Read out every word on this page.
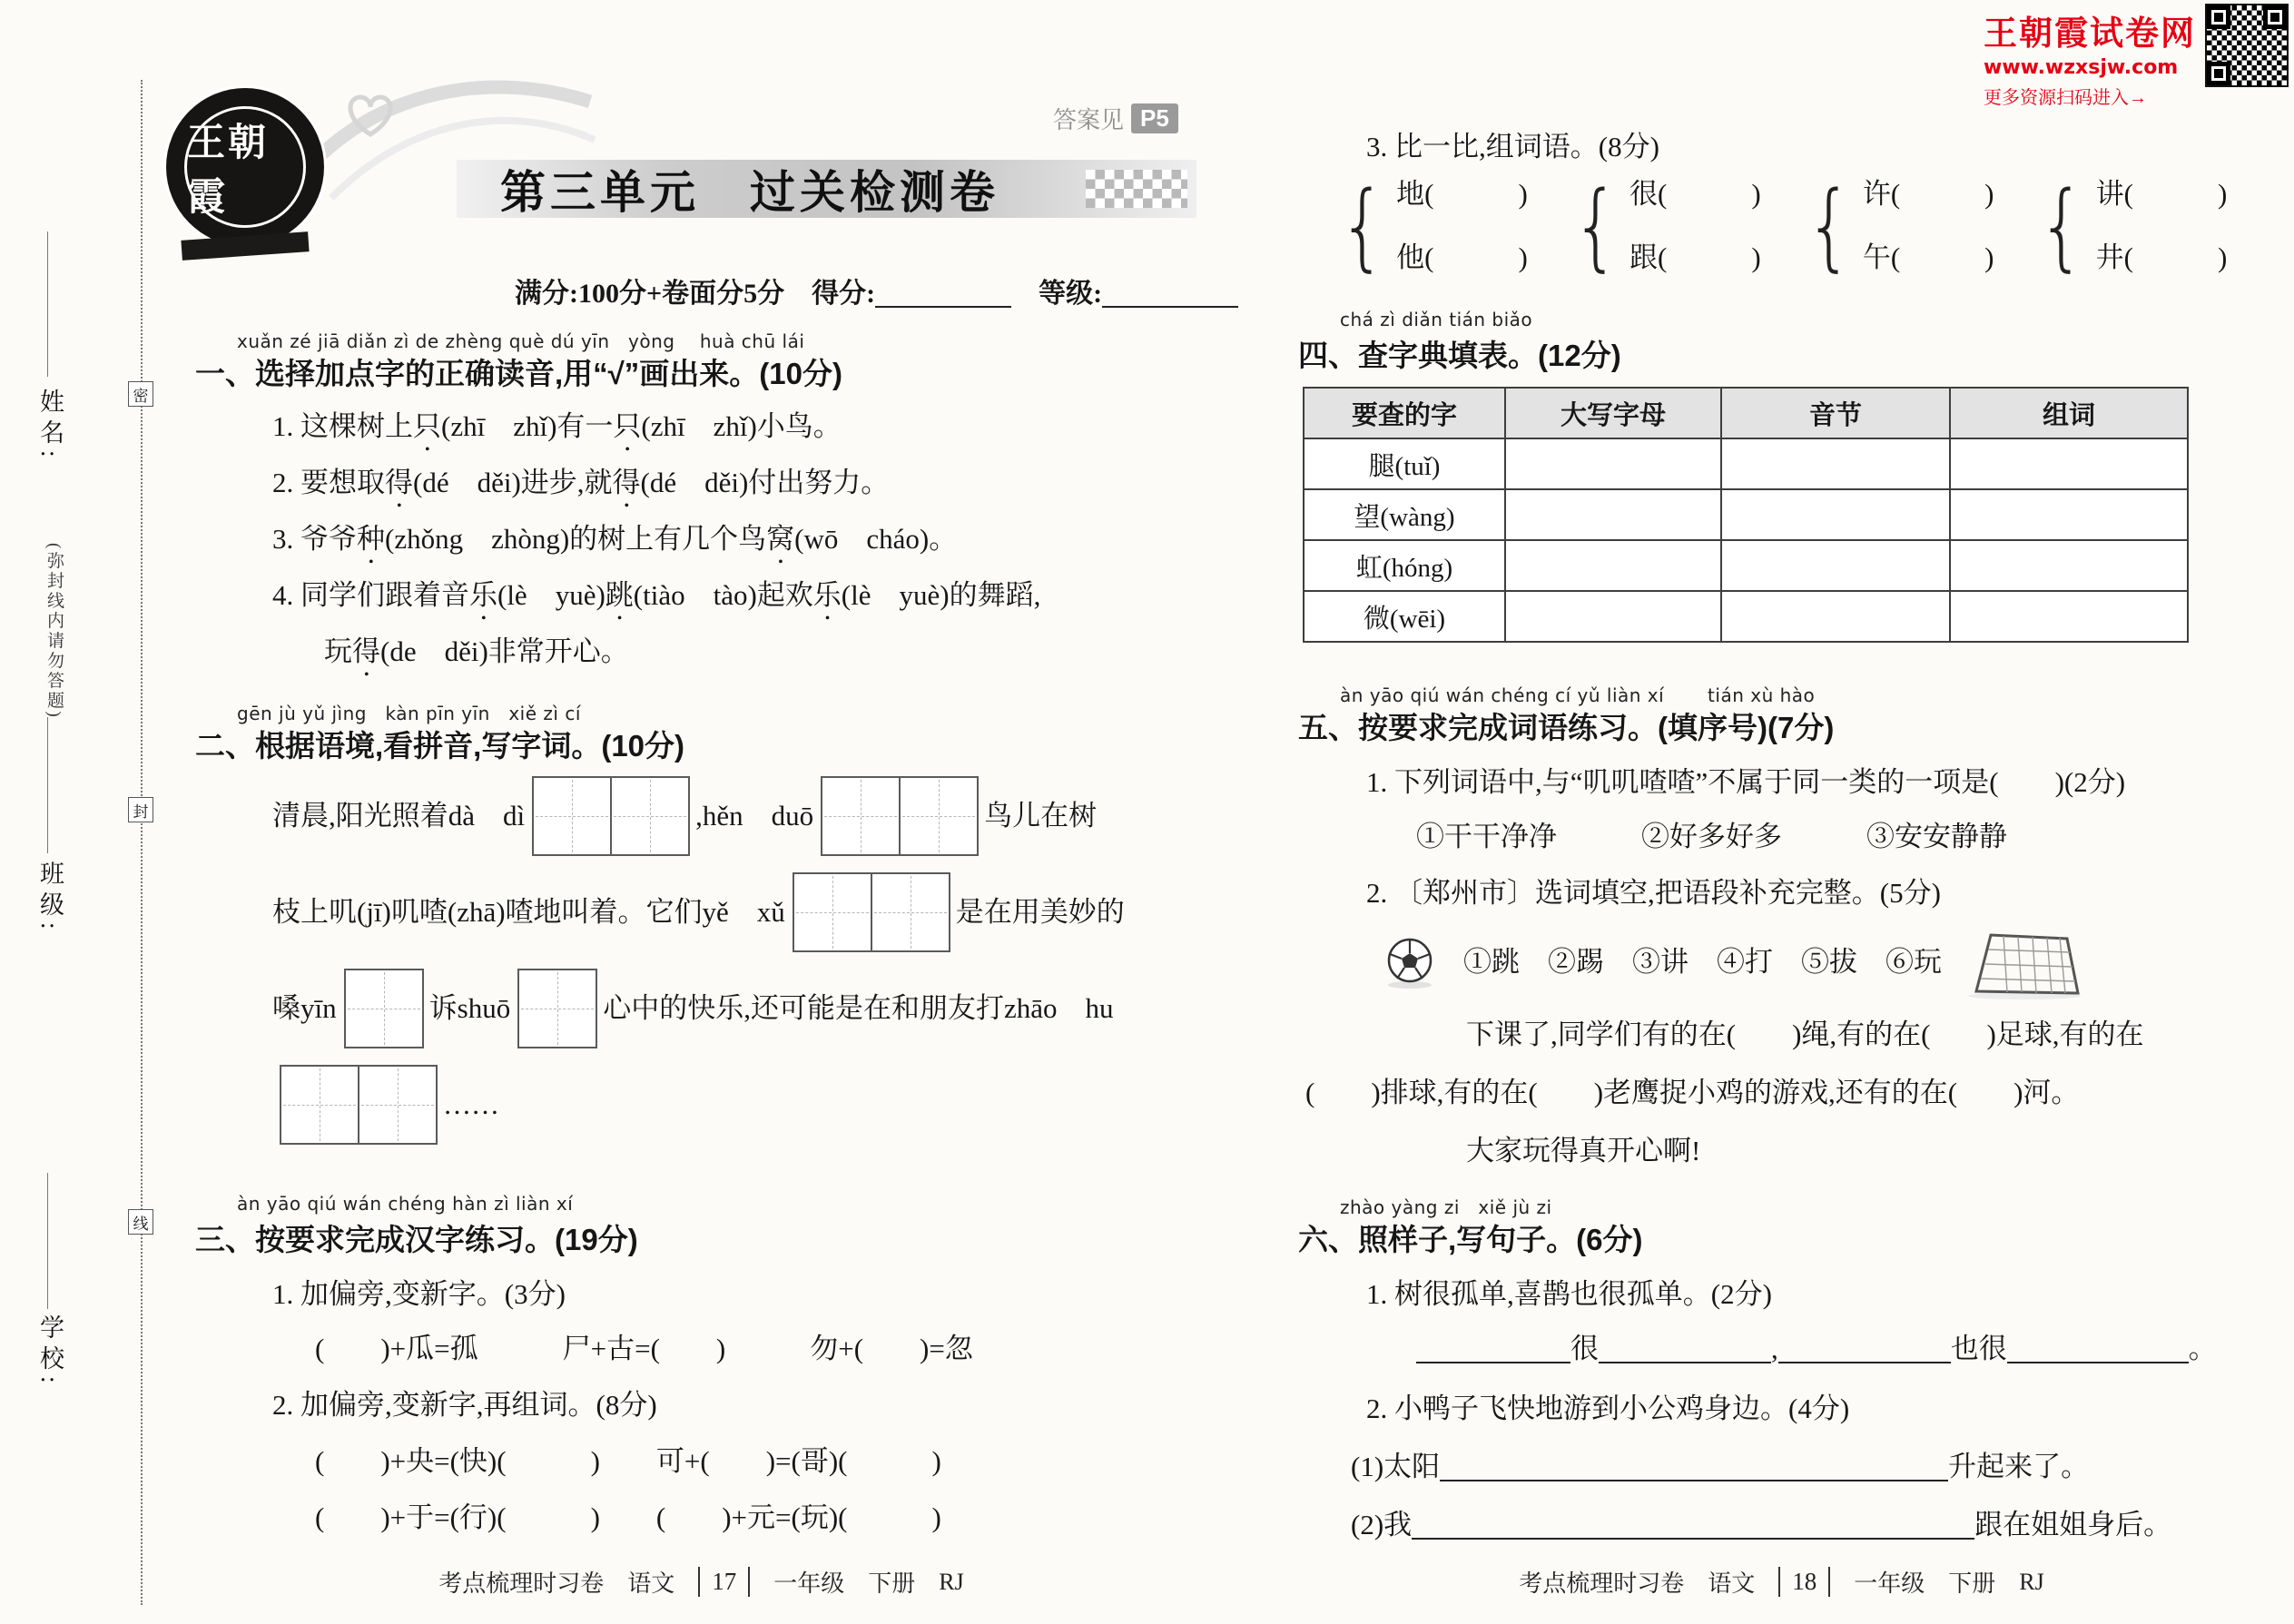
姓名:
(弥封线内请勿答题)
班级:
学校:
密
封
线
王朝霞
王朝霞试卷网
www.wzxsjw.com
更多资源扫码进入→
答案见 P5
第三单元　过关检测卷
满分:100分+卷面分5分　得分:	　等级:
xuǎn zé jiā diǎn zì de zhèng què dú yīn　yòng　 huà chū lái
一、选择加点字的正确读音,用“√”画出来。(10分)
1. 这棵树上只(zhī　zhǐ)有一只(zhī　zhǐ)小鸟。
2. 要想取得(dé　děi)进步,就得(dé　děi)付出努力。
3. 爷爷种(zhǒng　zhòng)的树上有几个鸟窝(wō　cháo)。
4. 同学们跟着音乐(lè　yuè)跳(tiào　tào)起欢乐(lè　yuè)的舞蹈,
玩得(de　děi)非常开心。
gēn jù yǔ jìng　kàn pīn yīn　xiě zì cí
二、根据语境,看拼音,写字词。(10分)
清晨,阳光照着dà　dì	,hěn　duō	鸟儿在树
枝上叽(jī)叽喳(zhā)喳地叫着。它们yě　xǔ	是在用美妙的
嗓yīn	诉shuō	心中的快乐,还可能是在和朋友打zhāo　hu
……
àn yāo qiú wán chéng hàn zì liàn xí
三、按要求完成汉字练习。(19分)
1. 加偏旁,变新字。(3分)
(　　)+瓜=孤　　　尸+古=(　　)　　　勿+(　　)=忽
2. 加偏旁,变新字,再组词。(8分)
(　　)+央=(快)(　　　)　　可+(　　)=(哥)(　　　)
(　　)+于=(行)(　　　)　　(　　)+元=(玩)(　　　)
考点梳理时习卷 语文	17	一年级 下册 RJ
3. 比一比,组词语。(8分)
{ 地(　　　)
他(　　　) { 很(　　　)
跟(　　　) { 许(　　　)
午(　　　) { 讲(　　　)
井(　　　)
chá zì diǎn tián biǎo
四、查字典填表。(12分)
要查的字	大写字母	音节	组词
腿(tuǐ)			
望(wàng)			
虹(hóng)			
微(wēi)			
àn yāo qiú wán chéng cí yǔ liàn xí　　 tián xù hào
五、按要求完成词语练习。(填序号)(7分)
1. 下列词语中,与“叽叽喳喳”不属于同一类的一项是(　　)(2分)
①干干净净　　　②好多好多　　　③安安静静
2. 〔郑州市〕选词填空,把语段补充完整。(5分)
①跳　②踢　③讲　④打　⑤拔　⑥玩
下课了,同学们有的在(　　)绳,有的在(　　)足球,有的在
(　　)排球,有的在(　　)老鹰捉小鸡的游戏,还有的在(　　)河。
大家玩得真开心啊!
zhào yàng zi　xiě jù zi
六、照样子,写句子。(6分)
1. 树很孤单,喜鹊也很孤单。(2分)
很	,	也很	。
2. 小鸭子飞快地游到小公鸡身边。(4分)
(1)太阳	升起来了。
(2)我	跟在姐姐身后。
考点梳理时习卷 语文	18	一年级 下册 RJ
